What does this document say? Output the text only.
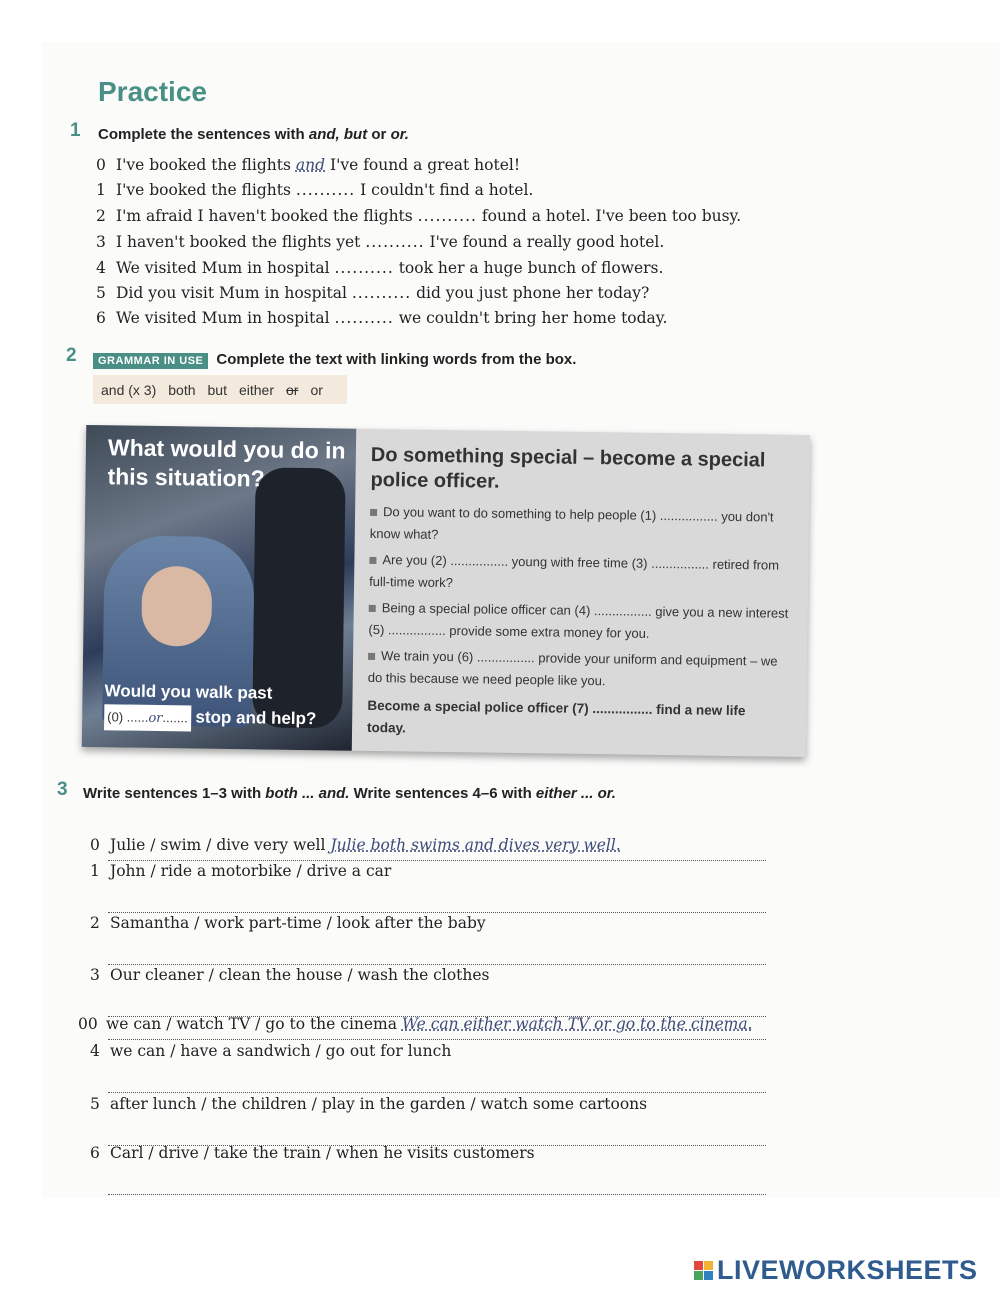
Practice
1 Complete the sentences with and, but or or.
0 I've booked the flights and I've found a great hotel!
1 I've booked the flights .......... I couldn't find a hotel.
2 I'm afraid I haven't booked the flights .......... found a hotel. I've been too busy.
3 I haven't booked the flights yet .......... I've found a really good hotel.
4 We visited Mum in hospital .......... took her a huge bunch of flowers.
5 Did you visit Mum in hospital .......... did you just phone her today?
6 We visited Mum in hospital .......... we couldn't bring her home today.
2	GRAMMAR IN USE Complete the text with linking words from the box.
and (x 3) both but either or or
What would you do in this situation?
Would you walk past
(0) ......or....... stop and help?
Do something special – become a special police officer.

Do you want to do something to help people (1) ................ you don't know what?

Are you (2) ................ young with free time (3) ................ retired from full-time work?

Being a special police officer can (4) ................ give you a new interest (5) ................ provide some extra money for you.

We train you (6) ................ provide your uniform and equipment – we do this because we need people like you.

Become a special police officer (7) ................ find a new life today.

3 Write sentences 1–3 with both ... and. Write sentences 4–6 with either ... or.
0 Julie / swim / dive very well Julie both swims and dives very well.
1 John / ride a motorbike / drive a car
2 Samantha / work part-time / look after the baby
3 Our cleaner / clean the house / wash the clothes
00 we can / watch TV / go to the cinema We can either watch TV or go to the cinema.
4 we can / have a sandwich / go out for lunch
5 after lunch / the children / play in the garden / watch some cartoons
6 Carl / drive / take the train / when he visits customers
LIVEWORKSHEETS
